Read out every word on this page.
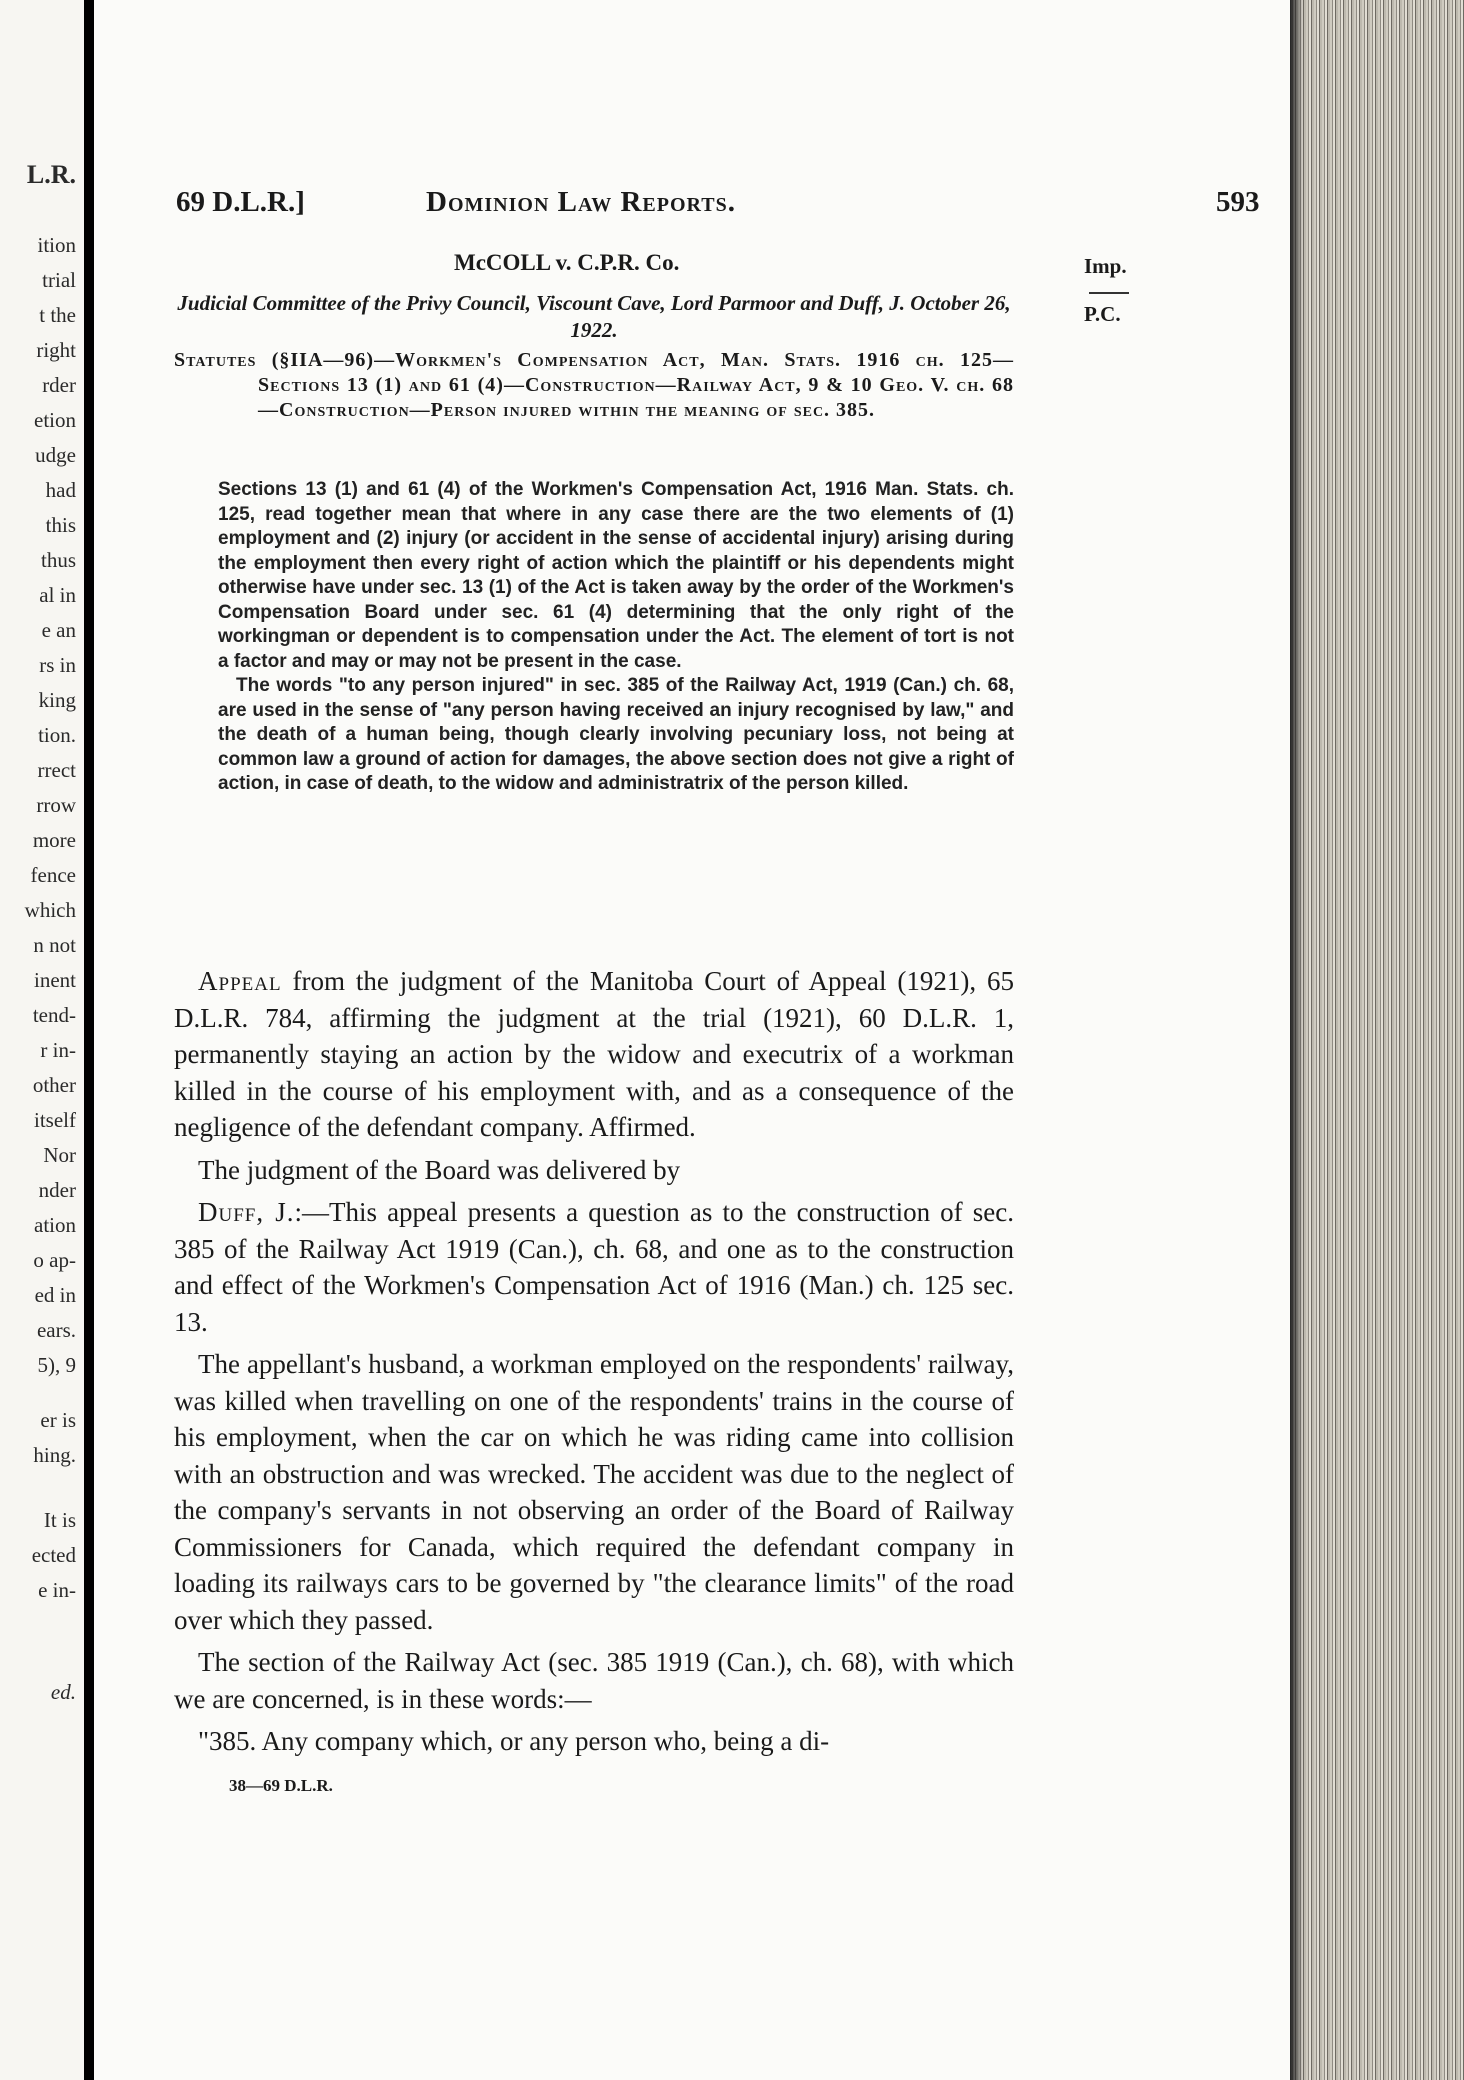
L.R.
ition
trial
t the
right
rder
etion
udge
had
this
thus
al in
e an
rs in
king
tion.
rrect
rrow
more
fence
which
n not
inent
tend-
r in-
other
itself
Nor
nder
ation
o ap-
ed in
ears.
5), 9
er is
hing.
It is
ected
e in-
ed.
69 D.L.R.]	Dominion Law Reports.	593
McCOLL v. C.P.R. Co.	Imp.
P.C.
Judicial Committee of the Privy Council, Viscount Cave, Lord Parmoor and Duff, J. October 26, 1922.
Statutes (§IIA—96)—Workmen's Compensation Act, Man. Stats. 1916 ch. 125—Sections 13 (1) and 61 (4)—Construction—Railway Act, 9 & 10 Geo. V. ch. 68—Construction—Person injured within the meaning of sec. 385.

Sections 13 (1) and 61 (4) of the Workmen's Compensation Act, 1916 Man. Stats. ch. 125, read together mean that where in any case there are the two elements of (1) employment and (2) injury (or accident in the sense of accidental injury) arising during the employment then every right of action which the plaintiff or his dependents might otherwise have under sec. 13 (1) of the Act is taken away by the order of the Workmen's Compensation Board under sec. 61 (4) determining that the only right of the workingman or dependent is to compensation under the Act. The element of tort is not a factor and may or may not be present in the case.

The words "to any person injured" in sec. 385 of the Railway Act, 1919 (Can.) ch. 68, are used in the sense of "any person having received an injury recognised by law," and the death of a human being, though clearly involving pecuniary loss, not being at common law a ground of action for damages, the above section does not give a right of action, in case of death, to the widow and administratrix of the person killed.

Appeal from the judgment of the Manitoba Court of Appeal (1921), 65 D.L.R. 784, affirming the judgment at the trial (1921), 60 D.L.R. 1, permanently staying an action by the widow and executrix of a workman killed in the course of his employment with, and as a consequence of the negligence of the defendant company. Affirmed.

The judgment of the Board was delivered by

Duff, J.:—This appeal presents a question as to the construction of sec. 385 of the Railway Act 1919 (Can.), ch. 68, and one as to the construction and effect of the Workmen's Compensation Act of 1916 (Man.) ch. 125 sec. 13.

The appellant's husband, a workman employed on the respondents' railway, was killed when travelling on one of the respondents' trains in the course of his employment, when the car on which he was riding came into collision with an obstruction and was wrecked. The accident was due to the neglect of the company's servants in not observing an order of the Board of Railway Commissioners for Canada, which required the defendant company in loading its railways cars to be governed by "the clearance limits" of the road over which they passed.

The section of the Railway Act (sec. 385 1919 (Can.), ch. 68), with which we are concerned, is in these words:—

"385. Any company which, or any person who, being a di-

38—69 D.L.R.
